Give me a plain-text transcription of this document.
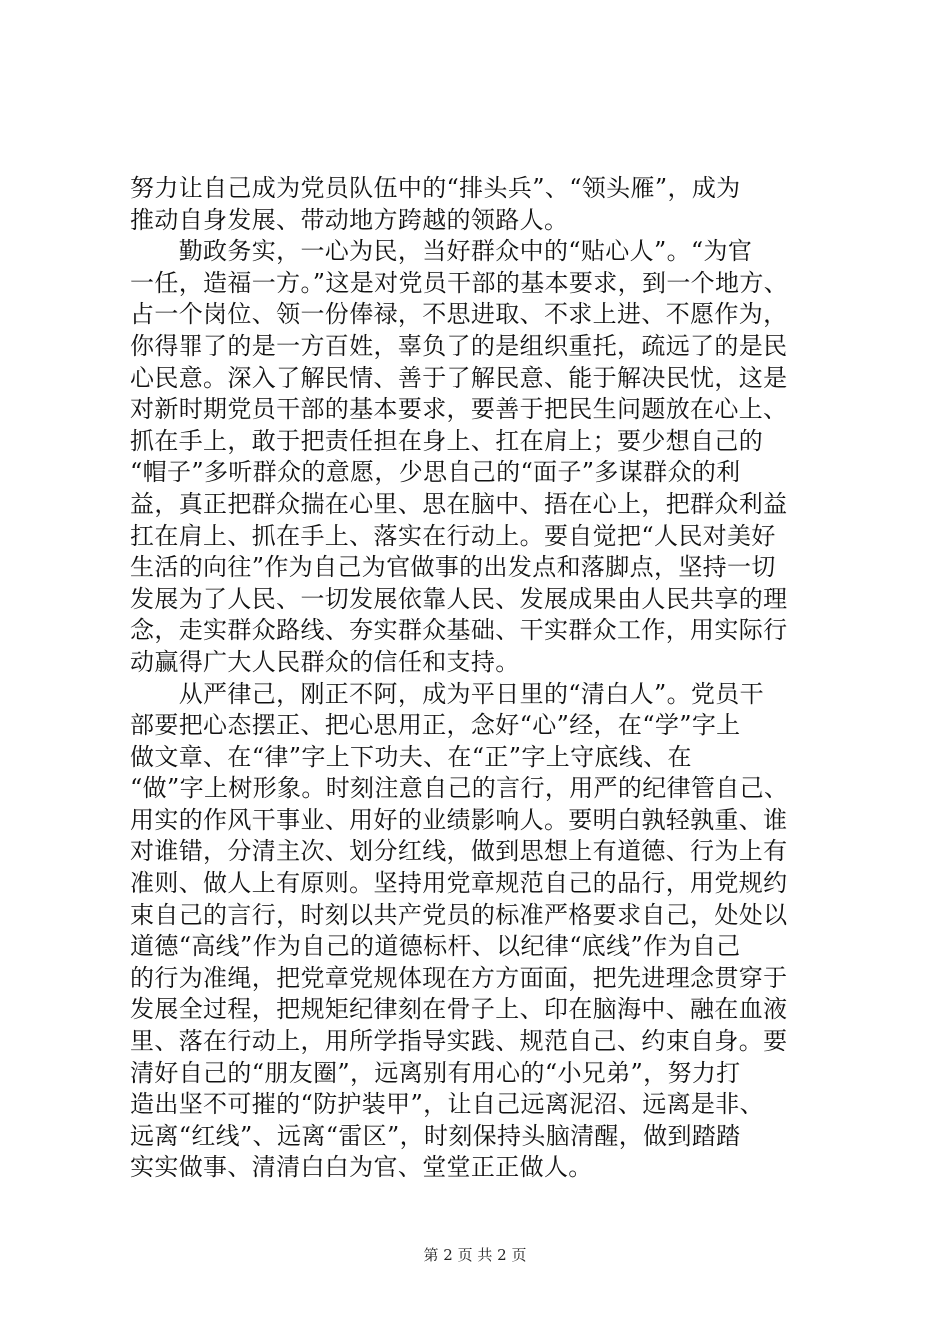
努力让自己成为党员队伍中的“排头兵”、“领头雁”，成为
推动自身发展、带动地方跨越的领路人。
　　勤政务实，一心为民，当好群众中的“贴心人”。“为官
一任，造福一方。”这是对党员干部的基本要求，到一个地方、
占一个岗位、领一份俸禄，不思进取、不求上进、不愿作为，
你得罪了的是一方百姓，辜负了的是组织重托，疏远了的是民
心民意。深入了解民情、善于了解民意、能于解决民忧，这是
对新时期党员干部的基本要求，要善于把民生问题放在心上、
抓在手上，敢于把责任担在身上、扛在肩上；要少想自己的
“帽子”多听群众的意愿，少思自己的“面子”多谋群众的利
益，真正把群众揣在心里、思在脑中、捂在心上，把群众利益
扛在肩上、抓在手上、落实在行动上。要自觉把“人民对美好
生活的向往”作为自己为官做事的出发点和落脚点，坚持一切
发展为了人民、一切发展依靠人民、发展成果由人民共享的理
念，走实群众路线、夯实群众基础、干实群众工作，用实际行
动赢得广大人民群众的信任和支持。
　　从严律己，刚正不阿，成为平日里的“清白人”。党员干
部要把心态摆正、把心思用正，念好“心”经，在“学”字上
做文章、在“律”字上下功夫、在“正”字上守底线、在
“做”字上树形象。时刻注意自己的言行，用严的纪律管自己、
用实的作风干事业、用好的业绩影响人。要明白孰轻孰重、谁
对谁错，分清主次、划分红线，做到思想上有道德、行为上有
准则、做人上有原则。坚持用党章规范自己的品行，用党规约
束自己的言行，时刻以共产党员的标准严格要求自己，处处以
道德“高线”作为自己的道德标杆、以纪律“底线”作为自己
的行为准绳，把党章党规体现在方方面面，把先进理念贯穿于
发展全过程，把规矩纪律刻在骨子上、印在脑海中、融在血液
里、落在行动上，用所学指导实践、规范自己、约束自身。要
清好自己的“朋友圈”，远离别有用心的“小兄弟”，努力打
造出坚不可摧的“防护装甲”，让自己远离泥沼、远离是非、
远离“红线”、远离“雷区”，时刻保持头脑清醒，做到踏踏
实实做事、清清白白为官、堂堂正正做人。
第 2 页 共 2 页
